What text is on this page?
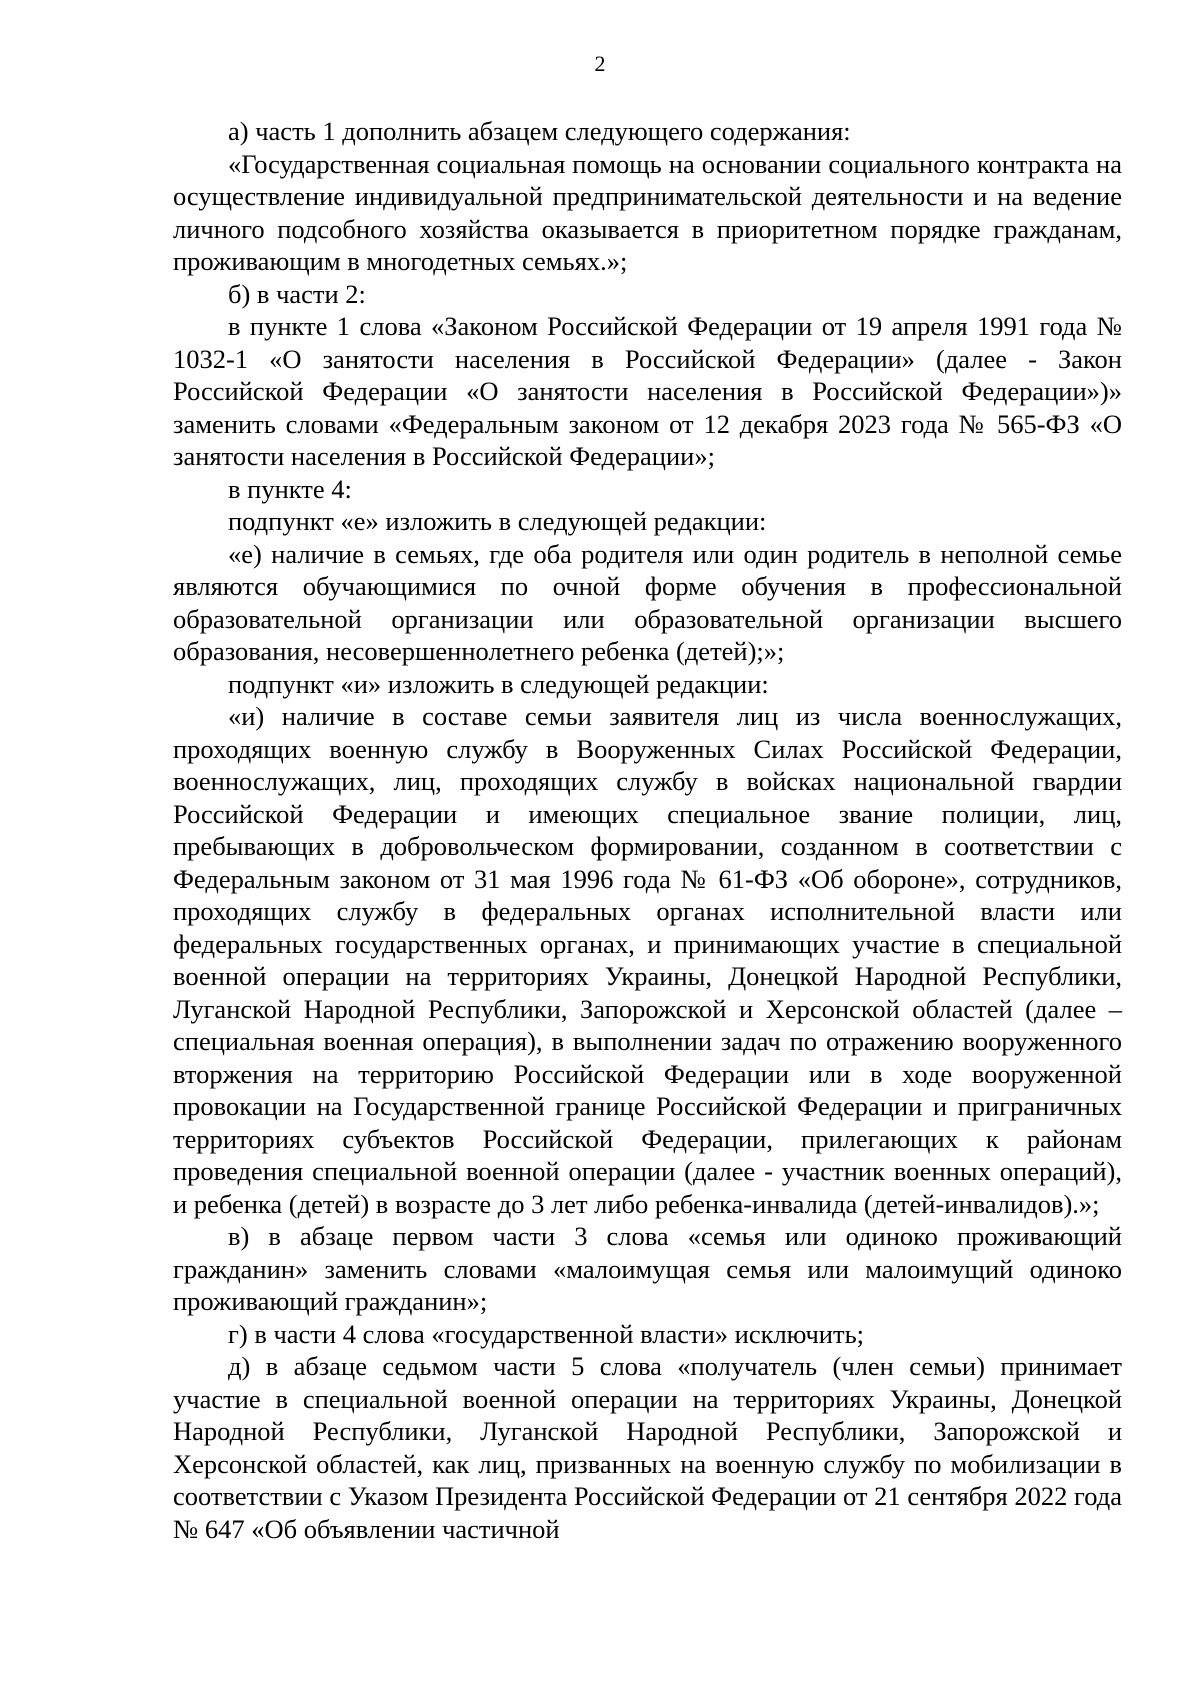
2

а) часть 1 дополнить абзацем следующего содержания:

«Государственная социальная помощь на основании социального контракта на осуществление индивидуальной предпринимательской деятельности и на ведение личного подсобного хозяйства оказывается в приоритетном порядке гражданам, проживающим в многодетных семьях.»;

б) в части 2:

в пункте 1 слова «Законом Российской Федерации от 19 апреля 1991 года № 1032-1 «О занятости населения в Российской Федерации» (далее - Закон Российской Федерации «О занятости населения в Российской Федерации»)» заменить словами «Федеральным законом от 12 декабря 2023 года № 565-ФЗ «О занятости населения в Российской Федерации»;

в пункте 4:

подпункт «е» изложить в следующей редакции:

«е) наличие в семьях, где оба родителя или один родитель в неполной семье являются обучающимися по очной форме обучения в профессиональной образовательной организации или образовательной организации высшего образования, несовершеннолетнего ребенка (детей);»;

подпункт «и» изложить в следующей редакции:

«и) наличие в составе семьи заявителя лиц из числа военнослужащих, проходящих военную службу в Вооруженных Силах Российской Федерации, военнослужащих, лиц, проходящих службу в войсках национальной гвардии Российской Федерации и имеющих специальное звание полиции, лиц, пребывающих в добровольческом формировании, созданном в соответствии с Федеральным законом от 31 мая 1996 года № 61-ФЗ «Об обороне», сотрудников, проходящих службу в федеральных органах исполнительной власти или федеральных государственных органах, и принимающих участие в специальной военной операции на территориях Украины, Донецкой Народной Республики, Луганской Народной Республики, Запорожской и Херсонской областей (далее – специальная военная операция), в выполнении задач по отражению вооруженного вторжения на территорию Российской Федерации или в ходе вооруженной провокации на Государственной границе Российской Федерации и приграничных территориях субъектов Российской Федерации, прилегающих к районам проведения специальной военной операции (далее - участник военных операций), и ребенка (детей) в возрасте до 3 лет либо ребенка-инвалида (детей-инвалидов).»;

в) в абзаце первом части 3 слова «семья или одиноко проживающий гражданин» заменить словами «малоимущая семья или малоимущий одиноко проживающий гражданин»;

г) в части 4 слова «государственной власти» исключить;

д) в абзаце седьмом части 5 слова «получатель (член семьи) принимает участие в специальной военной операции на территориях Украины, Донецкой Народной Республики, Луганской Народной Республики, Запорожской и Херсонской областей, как лиц, призванных на военную службу по мобилизации в соответствии с Указом Президента Российской Федерации от 21 сентября 2022 года № 647 «Об объявлении частичной
